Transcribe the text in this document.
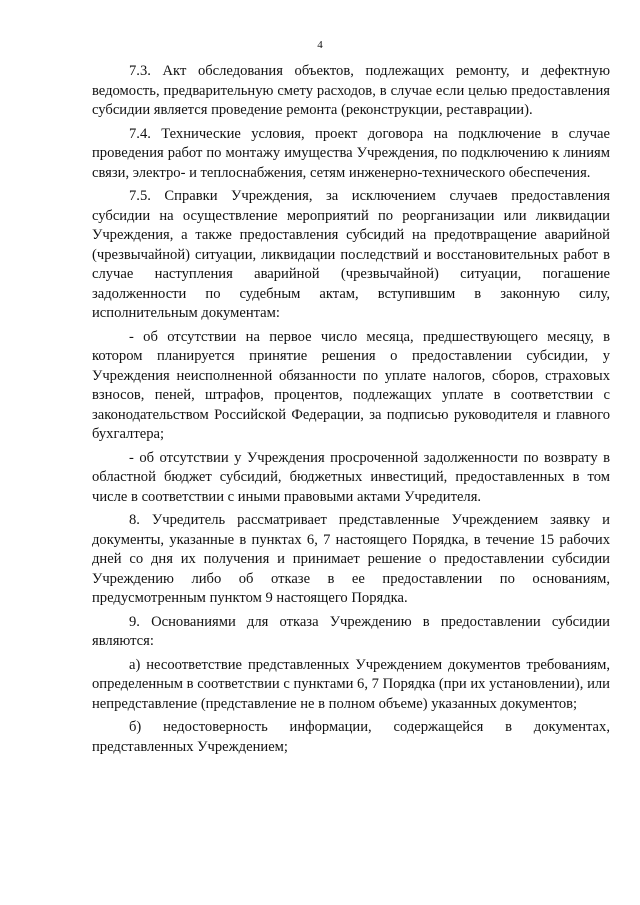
4

7.3. Акт обследования объектов, подлежащих ремонту, и дефектную ведомость, предварительную смету расходов, в случае если целью предоставления субсидии является проведение ремонта (реконструкции, реставрации).

7.4. Технические условия, проект договора на подключение в случае проведения работ по монтажу имущества Учреждения, по подключению к линиям связи, электро- и теплоснабжения, сетям инженерно-технического обеспечения.

7.5. Справки Учреждения, за исключением случаев предоставления субсидии на осуществление мероприятий по реорганизации или ликвидации Учреждения, а также предоставления субсидий на предотвращение аварийной (чрезвычайной) ситуации, ликвидации последствий и восстановительных работ в случае наступления аварийной (чрезвычайной) ситуации, погашение задолженности по судебным актам, вступившим в законную силу, исполнительным документам:

- об отсутствии на первое число месяца, предшествующего месяцу, в котором планируется принятие решения о предоставлении субсидии, у Учреждения неисполненной обязанности по уплате налогов, сборов, страховых взносов, пеней, штрафов, процентов, подлежащих уплате в соответствии с законодательством Российской Федерации, за подписью руководителя и главного бухгалтера;

- об отсутствии у Учреждения просроченной задолженности по возврату в областной бюджет субсидий, бюджетных инвестиций, предоставленных в том числе в соответствии с иными правовыми актами Учредителя.

8. Учредитель рассматривает представленные Учреждением заявку и документы, указанные в пунктах 6, 7 настоящего Порядка, в течение 15 рабочих дней со дня их получения и принимает решение о предоставлении субсидии Учреждению либо об отказе в ее предоставлении по основаниям, предусмотренным пунктом 9 настоящего Порядка.

9. Основаниями для отказа Учреждению в предоставлении субсидии являются:

а) несоответствие представленных Учреждением документов требованиям, определенным в соответствии с пунктами 6, 7 Порядка (при их установлении), или непредставление (представление не в полном объеме) указанных документов;

б) недостоверность информации, содержащейся в документах, представленных Учреждением;
